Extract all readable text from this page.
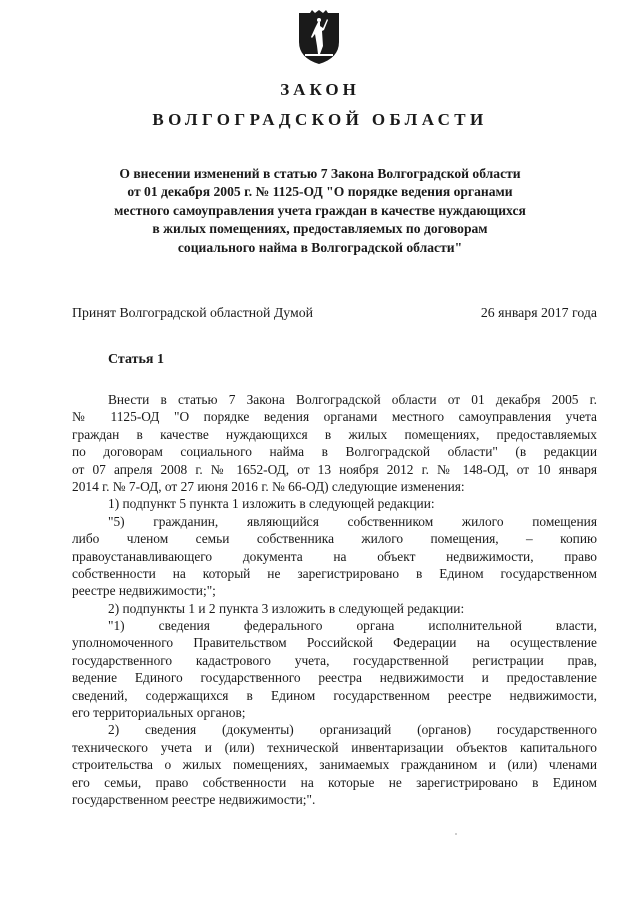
ЗАКОН
ВОЛГОГРАДСКОЙ ОБЛАСТИ
О внесении изменений в статью 7 Закона Волгоградской области
от 01 декабря 2005 г. № 1125-ОД "О порядке ведения органами
местного самоуправления учета граждан в качестве нуждающихся
в жилых помещениях, предоставляемых по договорам
социального найма в Волгоградской области"
Принят Волгоградской областной Думой	26 января 2017 года
Статья 1
Внести в статью 7 Закона Волгоградской области от 01 декабря 2005 г.
№ 1125-ОД "О порядке ведения органами местного самоуправления учета
граждан в качестве нуждающихся в жилых помещениях, предоставляемых
по договорам социального найма в Волгоградской области" (в редакции
от 07 апреля 2008 г. № 1652-ОД, от 13 ноября 2012 г. № 148-ОД, от 10 января
2014 г. № 7-ОД, от 27 июня 2016 г. № 66-ОД) следующие изменения:
1) подпункт 5 пункта 1 изложить в следующей редакции:
"5) гражданин, являющийся собственником жилого помещения
либо членом семьи собственника жилого помещения, – копию
правоустанавливающего документа на объект недвижимости, право
собственности на который не зарегистрировано в Едином государственном
реестре недвижимости;";
2) подпункты 1 и 2 пункта 3 изложить в следующей редакции:
"1) сведения федерального органа исполнительной власти,
уполномоченного Правительством Российской Федерации на осуществление
государственного кадастрового учета, государственной регистрации прав,
ведение Единого государственного реестра недвижимости и предоставление
сведений, содержащихся в Едином государственном реестре недвижимости,
его территориальных органов;
2) сведения (документы) организаций (органов) государственного
технического учета и (или) технической инвентаризации объектов капитального
строительства о жилых помещениях, занимаемых гражданином и (или) членами
его семьи, право собственности на которые не зарегистрировано в Едином
государственном реестре недвижимости;".
